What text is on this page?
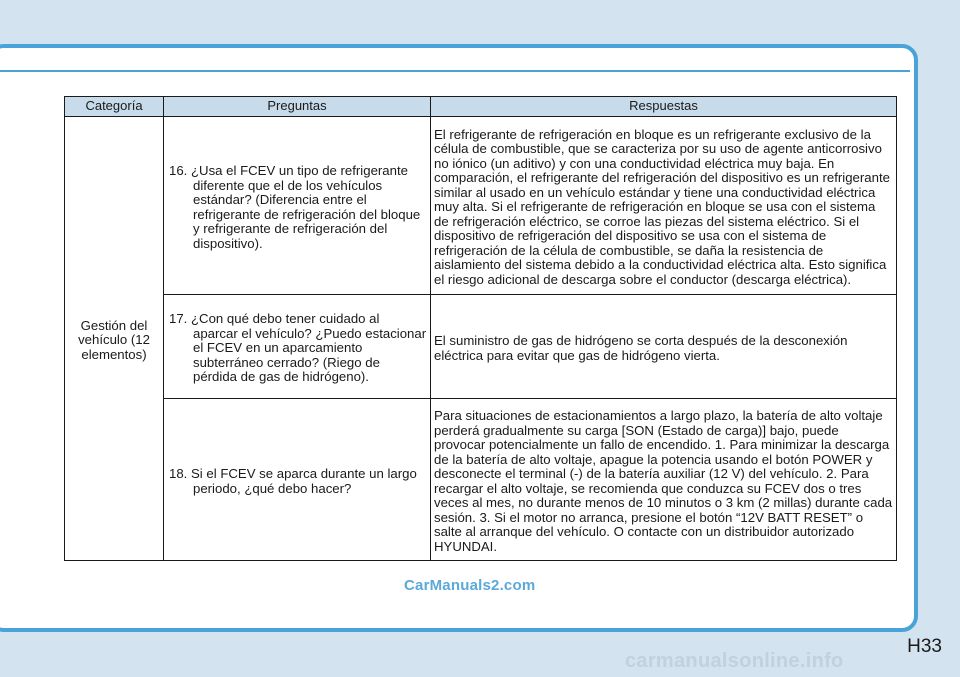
Categoría	Preguntas	Respuestas
Gestión del vehículo (12 elementos)	16. ¿Usa el FCEV un tipo de refrigerante diferente que el de los vehículos estándar? (Diferencia entre el refrigerante de refrigeración del bloque y refrigerante de refrigeración del dispositivo).	El refrigerante de refrigeración en bloque es un refrigerante exclusivo de la célula de combustible, que se caracteriza por su uso de agente anticorrosivo no iónico (un aditivo) y con una conductividad eléctrica muy baja. En comparación, el refrigerante del refrigeración del dispositivo es un refrigerante similar al usado en un vehículo estándar y tiene una conductividad eléctrica muy alta. Si el refrigerante de refrigeración en bloque se usa con el sistema de refrigeración eléctrico, se corroe las piezas del sistema eléctrico. Si el dispositivo de refrigeración del dispositivo se usa con el sistema de refrigeración de la célula de combustible, se daña la resistencia de aislamiento del sistema debido a la conductividad eléctrica alta. Esto significa el riesgo adicional de descarga sobre el conductor (descarga eléctrica).

	17. ¿Con qué debo tener cuidado al aparcar el vehículo? ¿Puedo estacionar el FCEV en un aparcamiento subterráneo cerrado? (Riego de pérdida de gas de hidrógeno).	El suministro de gas de hidrógeno se corta después de la desconexión eléctrica para evitar que gas de hidrógeno vierta.

	18. Si el FCEV se aparca durante un largo periodo, ¿qué debo hacer?	Para situaciones de estacionamientos a largo plazo, la batería de alto voltaje perderá gradualmente su carga [SON (Estado de carga)] bajo, puede provocar potencialmente un fallo de encendido. 1. Para minimizar la descarga de la batería de alto voltaje, apague la potencia usando el botón POWER y desconecte el terminal (-) de la batería auxiliar (12 V) del vehículo. 2. Para recargar el alto voltaje, se recomienda que conduzca su FCEV dos o tres veces al mes, no durante menos de 10 minutos o 3 km (2 millas) durante cada sesión. 3. Si el motor no arranca, presione el botón “12V BATT RESET” o salte al arranque del vehículo. O contacte con un distribuidor autorizado HYUNDAI.
CarManuals2.com
H33
carmanualsonline.info
